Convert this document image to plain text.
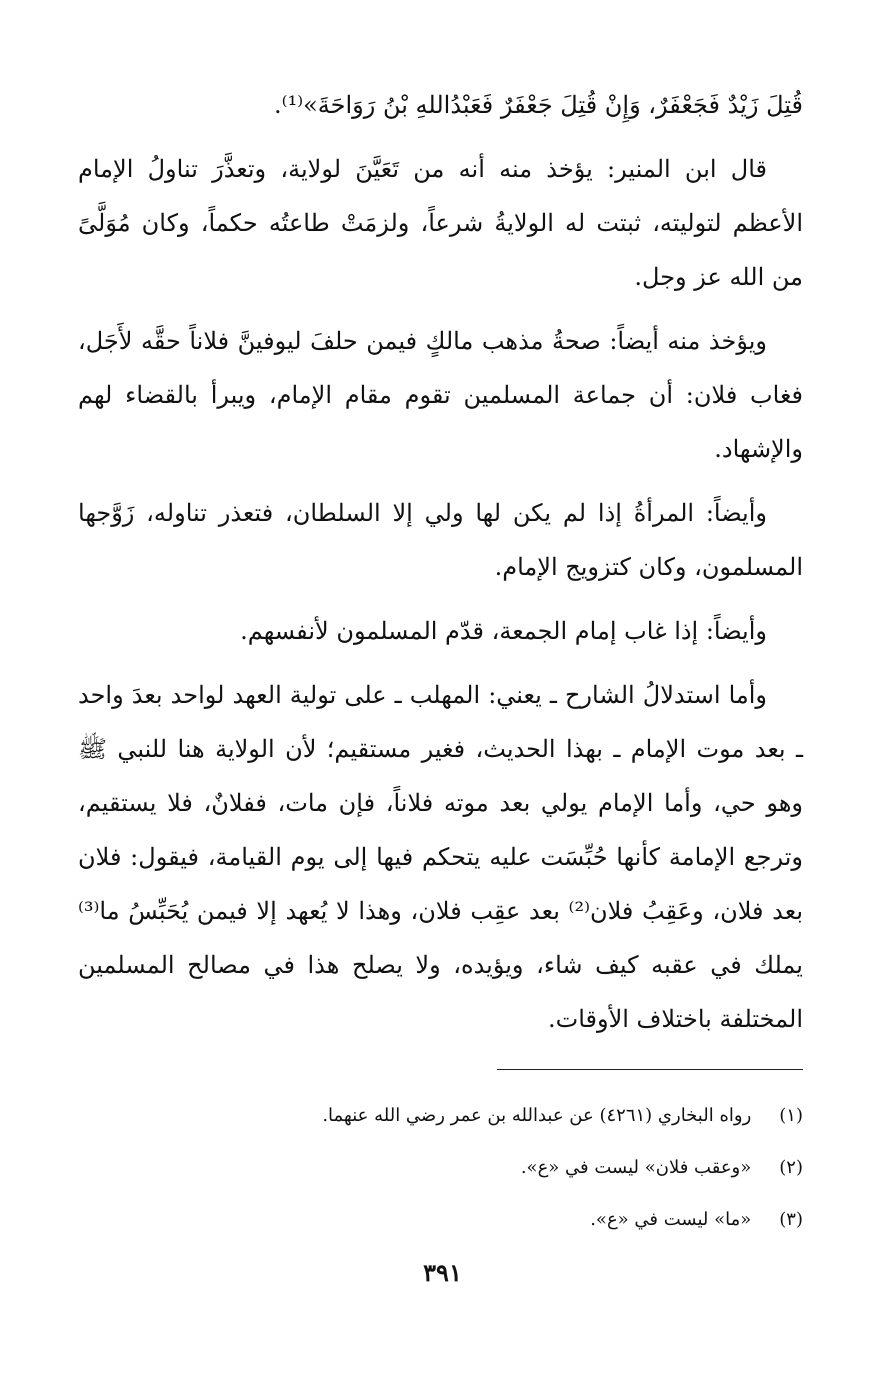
قُتِلَ زَيْدٌ فَجَعْفَرٌ، وَإِنْ قُتِلَ جَعْفَرٌ فَعَبْدُاللهِ بْنُ رَوَاحَةَ»⁽¹⁾.

قال ابن المنير: يؤخذ منه أنه من تَعَيَّنَ لولاية، وتعذَّرَ تناولُ الإمام الأعظم لتوليته، ثبتت له الولايةُ شرعاً، ولزمَتْ طاعتُه حكماً، وكان مُوَلَّىً من الله عز وجل.

ويؤخذ منه أيضاً: صحةُ مذهب مالكٍ فيمن حلفَ ليوفينَّ فلاناً حقَّه لأَجَل، فغاب فلان: أن جماعة المسلمين تقوم مقام الإمام، ويبرأ بالقضاء لهم والإشهاد.

وأيضاً: المرأةُ إذا لم يكن لها ولي إلا السلطان، فتعذر تناوله، زَوَّجها المسلمون، وكان كتزويج الإمام.

وأيضاً: إذا غاب إمام الجمعة، قدّم المسلمون لأنفسهم.

وأما استدلالُ الشارح ـ يعني: المهلب ـ على تولية العهد لواحد بعدَ واحد ـ بعد موت الإمام ـ بهذا الحديث، فغير مستقيم؛ لأن الولاية هنا للنبي ﷺ وهو حي، وأما الإمام يولي بعد موته فلاناً، فإن مات، ففلانٌ، فلا يستقيم، وترجع الإمامة كأنها حُبِّسَت عليه يتحكم فيها إلى يوم القيامة، فيقول: فلان بعد فلان، وعَقِبُ فلان⁽²⁾ بعد عقِب فلان، وهذا لا يُعهد إلا فيمن يُحَبِّسُ ما⁽³⁾ يملك في عقبه كيف شاء، ويؤيده، ولا يصلح هذا في مصالح المسلمين المختلفة باختلاف الأوقات.

(١) رواه البخاري (٤٢٦١) عن عبدالله بن عمر رضي الله عنهما.

(٢) «وعقب فلان» ليست في «ع».

(٣) «ما» ليست في «ع».

٣٩١
